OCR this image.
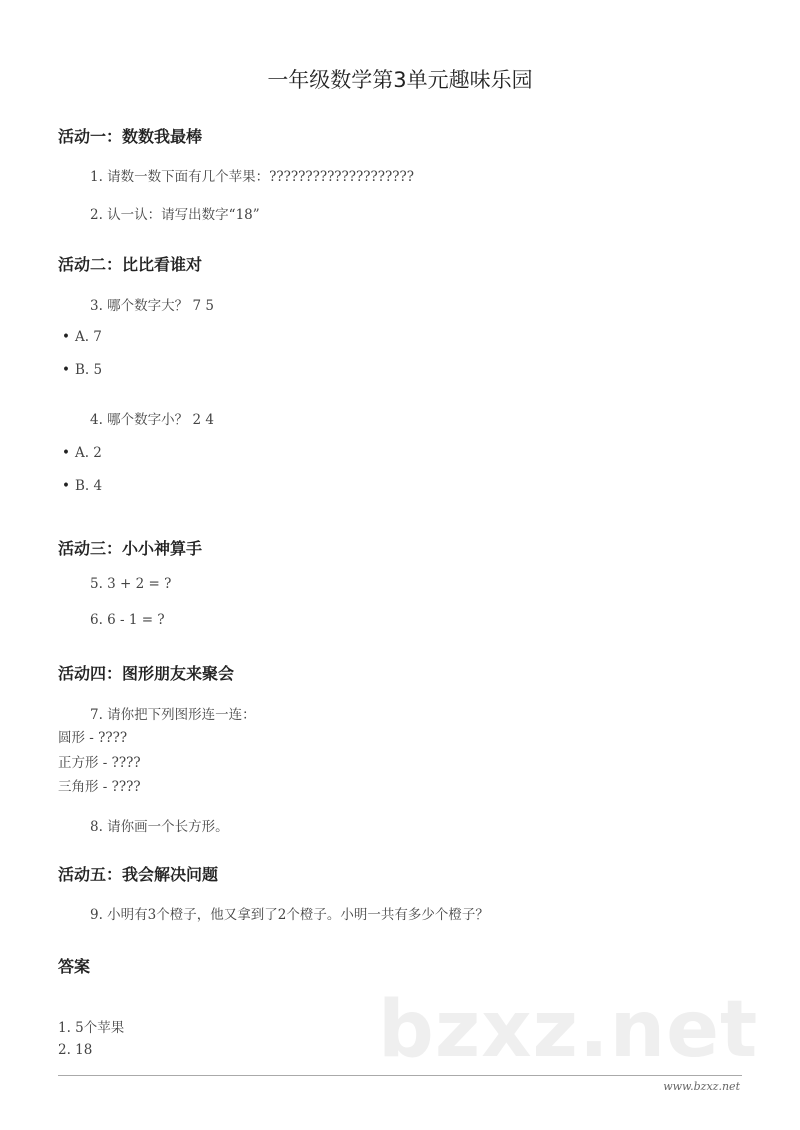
一年级数学第3单元趣味乐园
活动一：数数我最棒
1. 请数一数下面有几个苹果：????????????????????
2. 认一认：请写出数字“18”
活动二：比比看谁对
3. 哪个数字大？ 7 5
• A. 7
• B. 5
4. 哪个数字小？ 2 4
• A. 2
• B. 4
活动三：小小神算手
5. 3 + 2 = ?
6. 6 - 1 = ?
活动四：图形朋友来聚会
7. 请你把下列图形连一连：
圆形 - ????
正方形 - ????
三角形 - ????
8. 请你画一个长方形。
活动五：我会解决问题
9. 小明有3个橙子，他又拿到了2个橙子。小明一共有多少个橙子？
答案
bzxz.net
1. 5个苹果
2. 18
www.bzxz.net
